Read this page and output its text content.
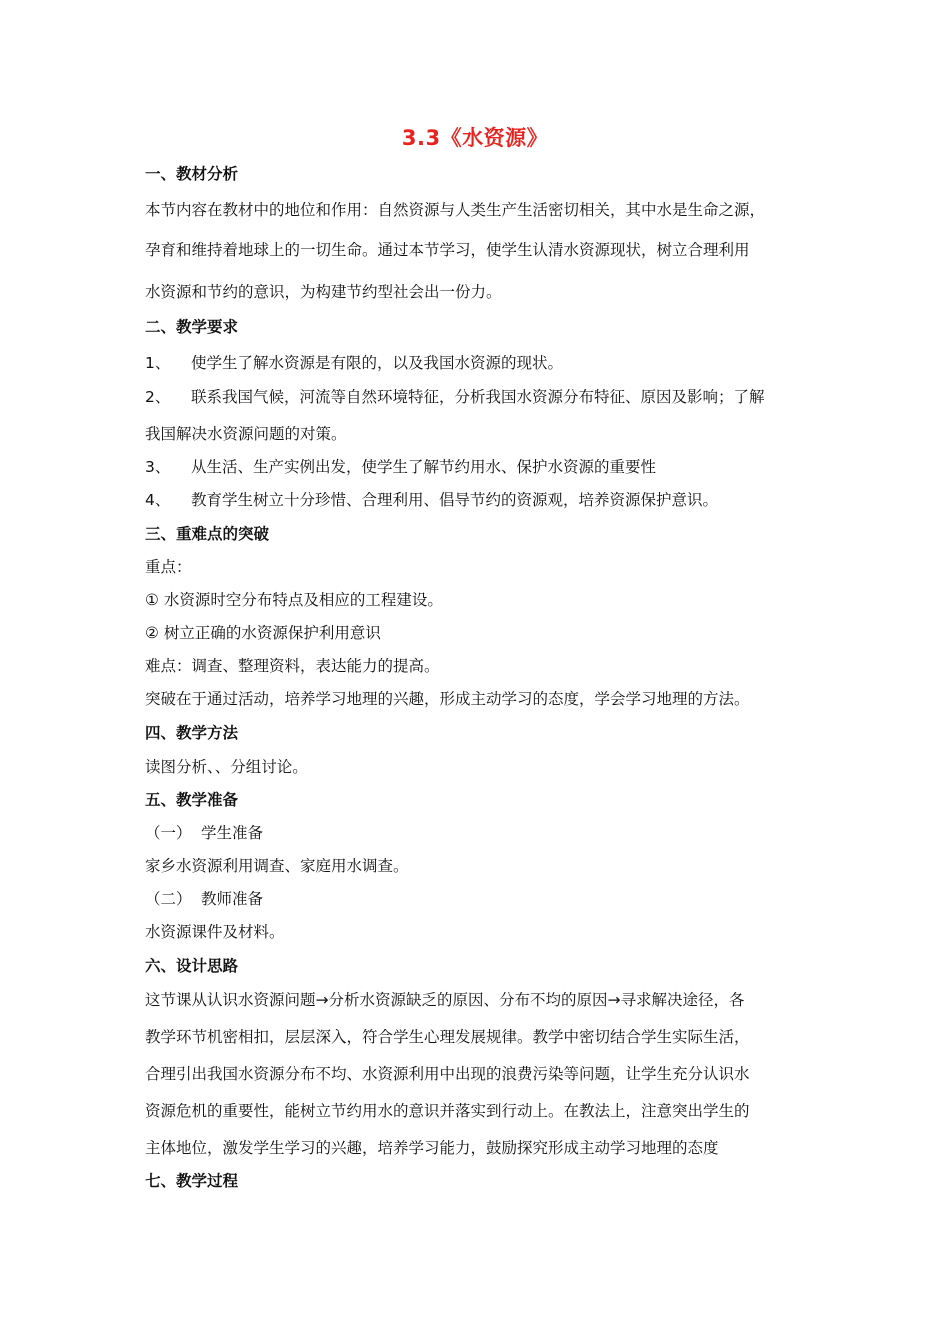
3.3《水资源》
一、教材分析
本节内容在教材中的地位和作用：自然资源与人类生产生活密切相关，其中水是生命之源，
孕育和维持着地球上的一切生命。通过本节学习，使学生认清水资源现状，树立合理利用
水资源和节约的意识，为构建节约型社会出一份力。
二、教学要求
1、 使学生了解水资源是有限的，以及我国水资源的现状。
2、 联系我国气候，河流等自然环境特征，分析我国水资源分布特征、原因及影响；了解
我国解决水资源问题的对策。
3、 从生活、生产实例出发，使学生了解节约用水、保护水资源的重要性
4、 教育学生树立十分珍惜、合理利用、倡导节约的资源观，培养资源保护意识。
三、重难点的突破
重点：
① 水资源时空分布特点及相应的工程建设。
② 树立正确的水资源保护利用意识
难点：调查、整理资料，表达能力的提高。
突破在于通过活动，培养学习地理的兴趣，形成主动学习的态度，学会学习地理的方法。
四、教学方法
读图分析、、分组讨论。
五、教学准备
（一） 学生准备
家乡水资源利用调查、家庭用水调查。
（二） 教师准备
水资源课件及材料。
六、设计思路
这节课从认识水资源问题→分析水资源缺乏的原因、分布不均的原因→寻求解决途径，各
教学环节机密相扣，层层深入，符合学生心理发展规律。教学中密切结合学生实际生活，
合理引出我国水资源分布不均、水资源利用中出现的浪费污染等问题，让学生充分认识水
资源危机的重要性，能树立节约用水的意识并落实到行动上。在教法上，注意突出学生的
主体地位，激发学生学习的兴趣，培养学习能力，鼓励探究形成主动学习地理的态度
七、教学过程
